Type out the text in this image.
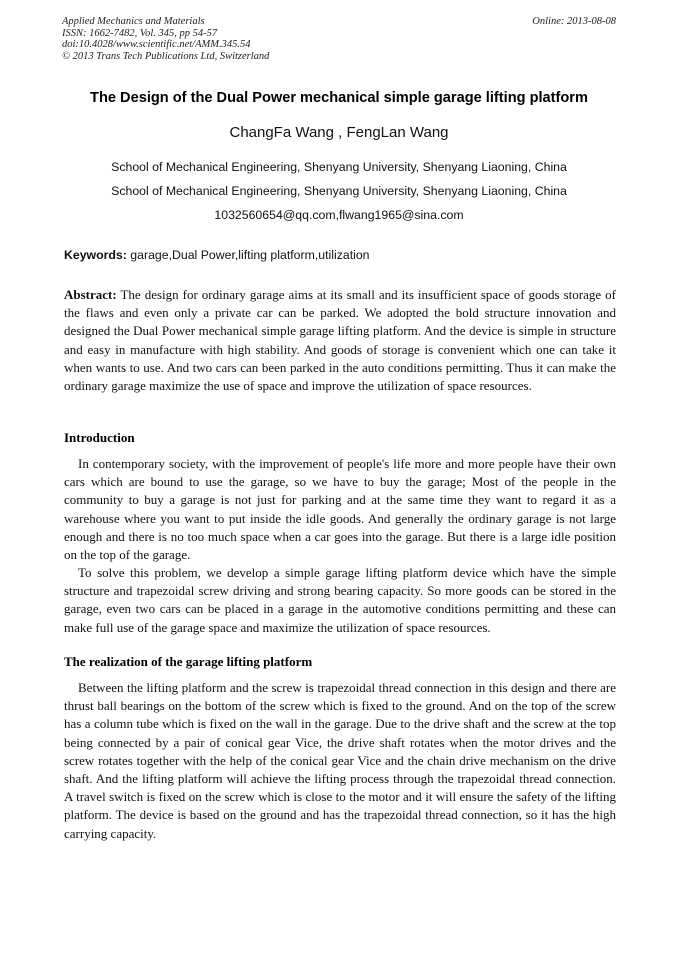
Applied Mechanics and Materials
ISSN: 1662-7482, Vol. 345, pp 54-57
doi:10.4028/www.scientific.net/AMM.345.54
© 2013 Trans Tech Publications Ltd, Switzerland
Online: 2013-08-08
The Design of the Dual Power mechanical simple garage lifting platform
ChangFa Wang , FengLan Wang
School of Mechanical Engineering, Shenyang University, Shenyang Liaoning, China
School of Mechanical Engineering, Shenyang University, Shenyang Liaoning, China
1032560654@qq.com,flwang1965@sina.com
Keywords: garage,Dual Power,lifting platform,utilization

Abstract: The design for ordinary garage aims at its small and its insufficient space of goods storage of the flaws and even only a private car can be parked. We adopted the bold structure innovation and designed the Dual Power mechanical simple garage lifting platform. And the device is simple in structure and easy in manufacture with high stability. And goods of storage is convenient which one can take it when wants to use. And two cars can been parked in the auto conditions permitting. Thus it can make the ordinary garage maximize the use of space and improve the utilization of space resources.

Introduction

In contemporary society, with the improvement of people's life more and more people have their own cars which are bound to use the garage, so we have to buy the garage; Most of the people in the community to buy a garage is not just for parking and at the same time they want to regard it as a warehouse where you want to put inside the idle goods. And generally the ordinary garage is not large enough and there is no too much space when a car goes into the garage. But there is a large idle position on the top of the garage.

To solve this problem, we develop a simple garage lifting platform device which have the simple structure and trapezoidal screw driving and strong bearing capacity. So more goods can be stored in the garage, even two cars can be placed in a garage in the automotive conditions permitting and these can make full use of the garage space and maximize the utilization of space resources.

The realization of the garage lifting platform

Between the lifting platform and the screw is trapezoidal thread connection in this design and there are thrust ball bearings on the bottom of the screw which is fixed to the ground. And on the top of the screw has a column tube which is fixed on the wall in the garage. Due to the drive shaft and the screw at the top being connected by a pair of conical gear Vice, the drive shaft rotates when the motor drives and the screw rotates together with the help of the conical gear Vice and the chain drive mechanism on the drive shaft. And the lifting platform will achieve the lifting process through the trapezoidal thread connection. A travel switch is fixed on the screw which is close to the motor and it will ensure the safety of the lifting platform. The device is based on the ground and has the trapezoidal thread connection, so it has the high carrying capacity.
